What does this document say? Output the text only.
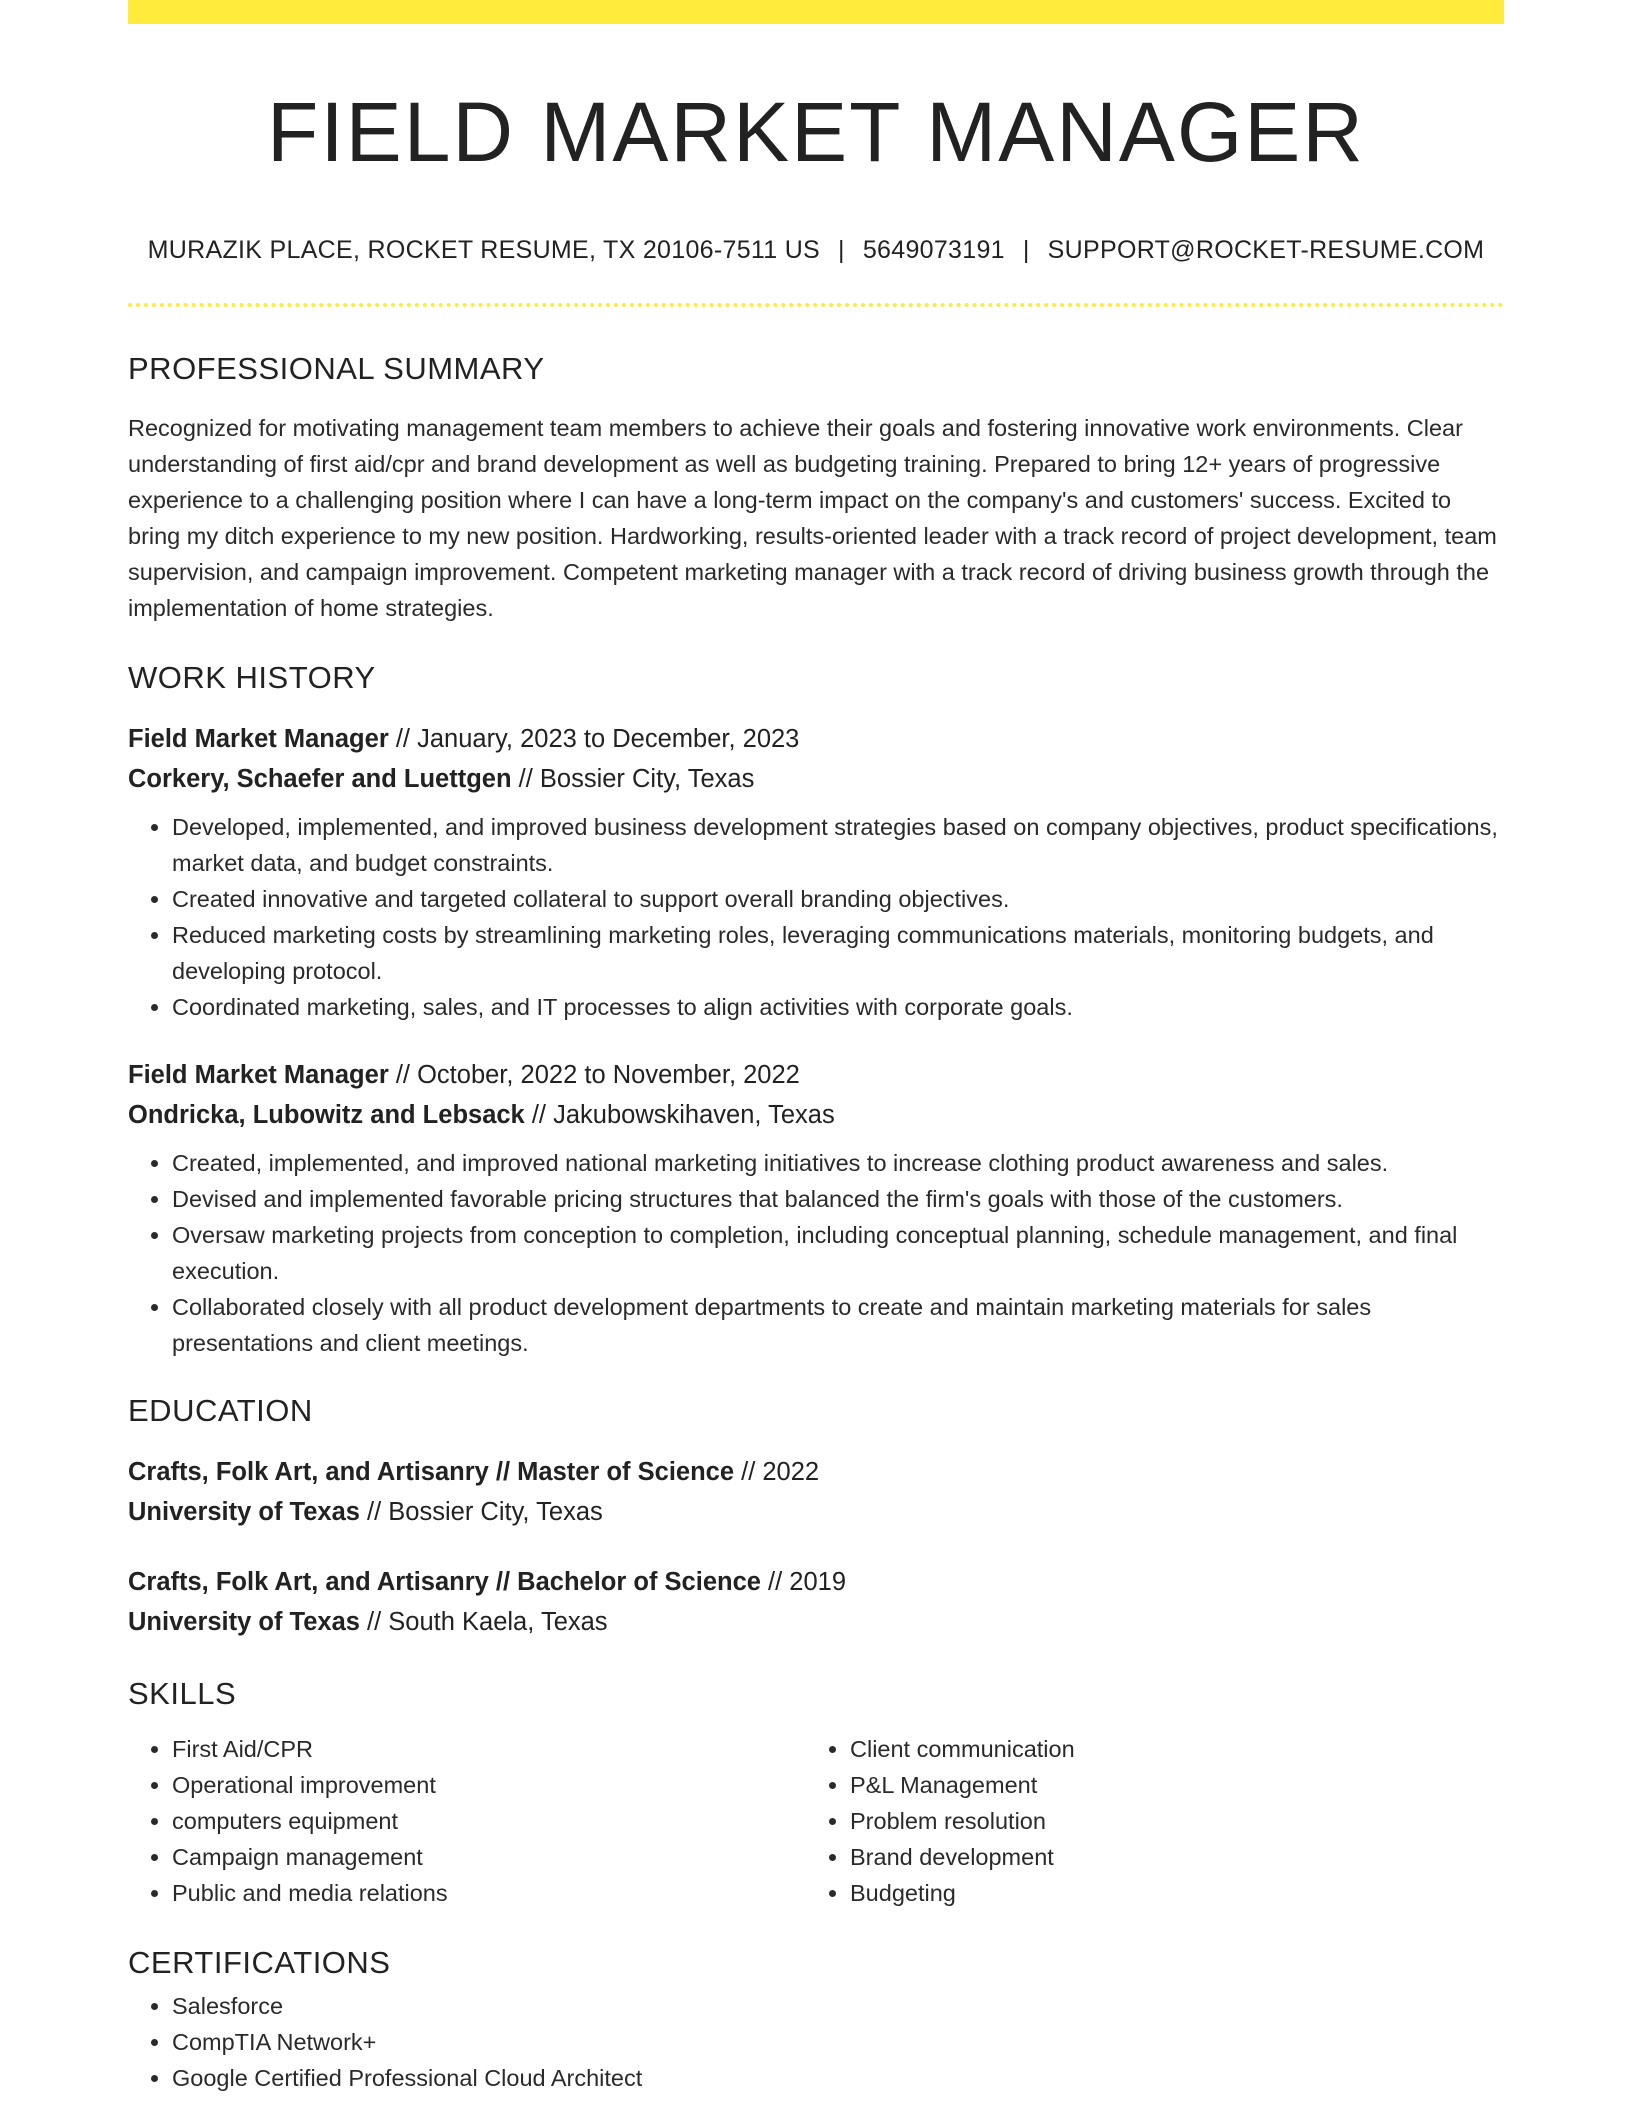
FIELD MARKET MANAGER
MURAZIK PLACE, ROCKET RESUME, TX 20106-7511 US | 5649073191 | SUPPORT@ROCKET-RESUME.COM
PROFESSIONAL SUMMARY

Recognized for motivating management team members to achieve their goals and fostering innovative work environments. Clear understanding of first aid/cpr and brand development as well as budgeting training. Prepared to bring 12+ years of progressive experience to a challenging position where I can have a long-term impact on the company's and customers' success. Excited to bring my ditch experience to my new position. Hardworking, results-oriented leader with a track record of project development, team supervision, and campaign improvement. Competent marketing manager with a track record of driving business growth through the implementation of home strategies.

WORK HISTORY
Field Market Manager // January, 2023 to December, 2023
Corkery, Schaefer and Luettgen // Bossier City, Texas
• Developed, implemented, and improved business development strategies based on company objectives, product specifications, market data, and budget constraints.
• Created innovative and targeted collateral to support overall branding objectives.
• Reduced marketing costs by streamlining marketing roles, leveraging communications materials, monitoring budgets, and developing protocol.
• Coordinated marketing, sales, and IT processes to align activities with corporate goals.
Field Market Manager // October, 2022 to November, 2022
Ondricka, Lubowitz and Lebsack // Jakubowskihaven, Texas
• Created, implemented, and improved national marketing initiatives to increase clothing product awareness and sales.
• Devised and implemented favorable pricing structures that balanced the firm's goals with those of the customers.
• Oversaw marketing projects from conception to completion, including conceptual planning, schedule management, and final execution.
• Collaborated closely with all product development departments to create and maintain marketing materials for sales presentations and client meetings.
EDUCATION
Crafts, Folk Art, and Artisanry // Master of Science // 2022
University of Texas // Bossier City, Texas
Crafts, Folk Art, and Artisanry // Bachelor of Science // 2019
University of Texas // South Kaela, Texas
SKILLS
• First Aid/CPR
• Operational improvement
• computers equipment
• Campaign management
• Public and media relations
• Client communication
• P&L Management
• Problem resolution
• Brand development
• Budgeting
CERTIFICATIONS
• Salesforce
• CompTIA Network+
• Google Certified Professional Cloud Architect
